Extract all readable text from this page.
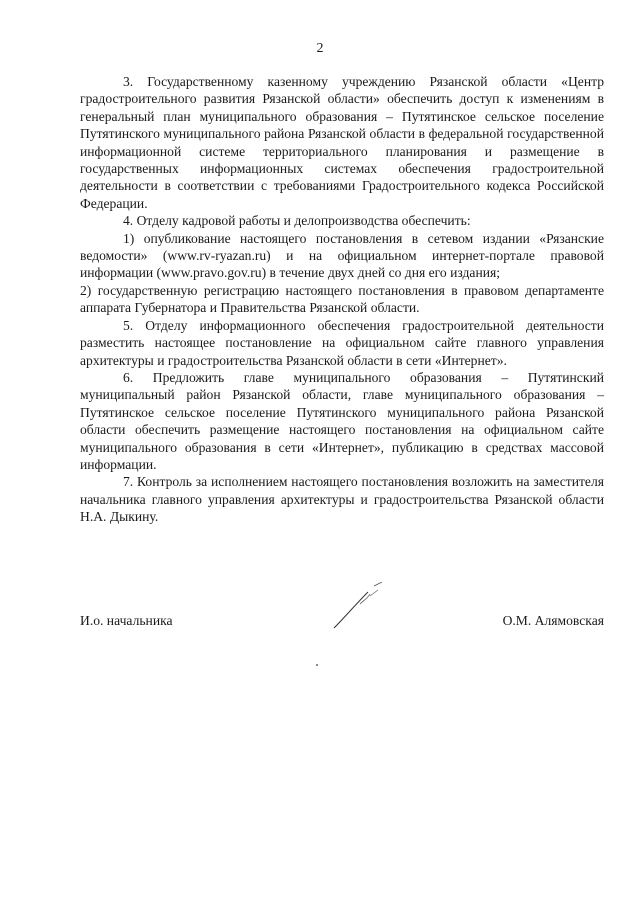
2

3. Государственному казенному учреждению Рязанской области «Центр градостроительного развития Рязанской области» обеспечить доступ к изменениям в генеральный план муниципального образования – Путятинское сельское поселение Путятинского муниципального района Рязанской области в федеральной государственной информационной системе территориального планирования и размещение в государственных информационных системах обеспечения градостроительной деятельности в соответствии с требованиями Градостроительного кодекса Российской Федерации.

4. Отделу кадровой работы и делопроизводства обеспечить:

1) опубликование настоящего постановления в сетевом издании «Рязанские ведомости» (www.rv-ryazan.ru) и на официальном интернет-портале правовой информации (www.pravo.gov.ru) в течение двух дней со дня его издания;

2) государственную регистрацию настоящего постановления в правовом департаменте аппарата Губернатора и Правительства Рязанской области.

5. Отделу информационного обеспечения градостроительной деятельности разместить настоящее постановление на официальном сайте главного управления архитектуры и градостроительства Рязанской области в сети «Интернет».

6. Предложить главе муниципального образования – Путятинский муниципальный район Рязанской области, главе муниципального образования – Путятинское сельское поселение Путятинского муниципального района Рязанской области обеспечить размещение настоящего постановления на официальном сайте муниципального образования в сети «Интернет», публикацию в средствах массовой информации.

7. Контроль за исполнением настоящего постановления возложить на заместителя начальника главного управления архитектуры и градостроительства Рязанской области Н.А. Дыкину.

И.о. начальника	О.М. Алямовская
